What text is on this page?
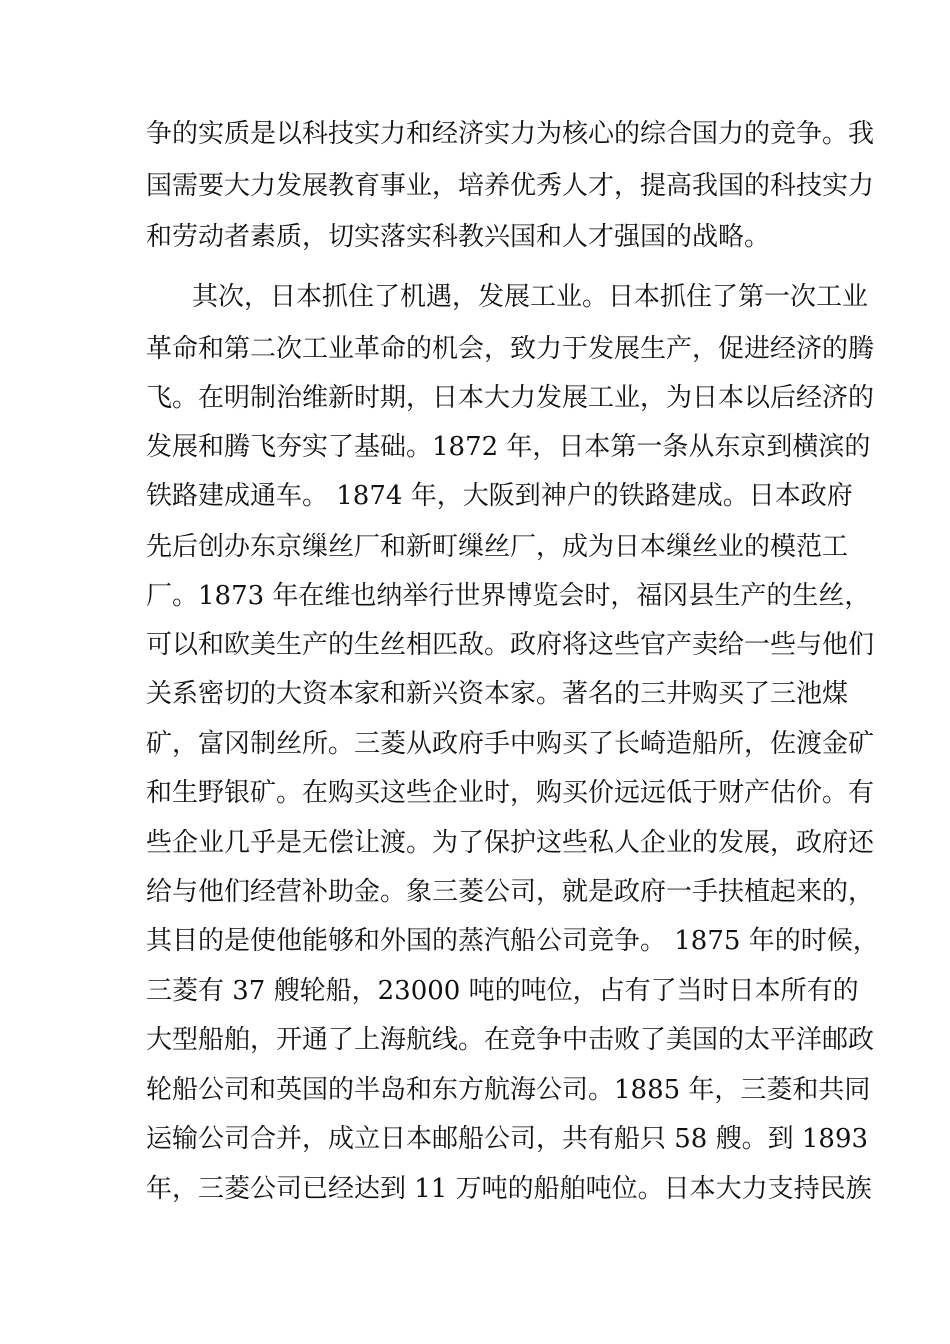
争的实质是以科技实力和经济实力为核心的综合国力的竞争。我
国需要大力发展教育事业，培养优秀人才，提高我国的科技实力
和劳动者素质，切实落实科教兴国和人才强国的战略。
其次，日本抓住了机遇，发展工业。日本抓住了第一次工业
革命和第二次工业革命的机会，致力于发展生产，促进经济的腾
飞。在明制治维新时期，日本大力发展工业，为日本以后经济的
发展和腾飞夯实了基础。1872 年，日本第一条从东京到横滨的
铁路建成通车。 1874 年，大阪到神户的铁路建成。日本政府
先后创办东京缫丝厂和新町缫丝厂，成为日本缫丝业的模范工
厂。1873 年在维也纳举行世界博览会时，福冈县生产的生丝，
可以和欧美生产的生丝相匹敌。政府将这些官产卖给一些与他们
关系密切的大资本家和新兴资本家。著名的三井购买了三池煤
矿，富冈制丝所。三菱从政府手中购买了长崎造船所，佐渡金矿
和生野银矿。在购买这些企业时，购买价远远低于财产估价。有
些企业几乎是无偿让渡。为了保护这些私人企业的发展，政府还
给与他们经营补助金。象三菱公司，就是政府一手扶植起来的，
其目的是使他能够和外国的蒸汽船公司竞争。 1875 年的时候，
三菱有 37 艘轮船，23000 吨的吨位，占有了当时日本所有的
大型船舶，开通了上海航线。在竞争中击败了美国的太平洋邮政
轮船公司和英国的半岛和东方航海公司。1885 年，三菱和共同
运输公司合并，成立日本邮船公司，共有船只 58 艘。到 1893
年，三菱公司已经达到 11 万吨的船舶吨位。日本大力支持民族
